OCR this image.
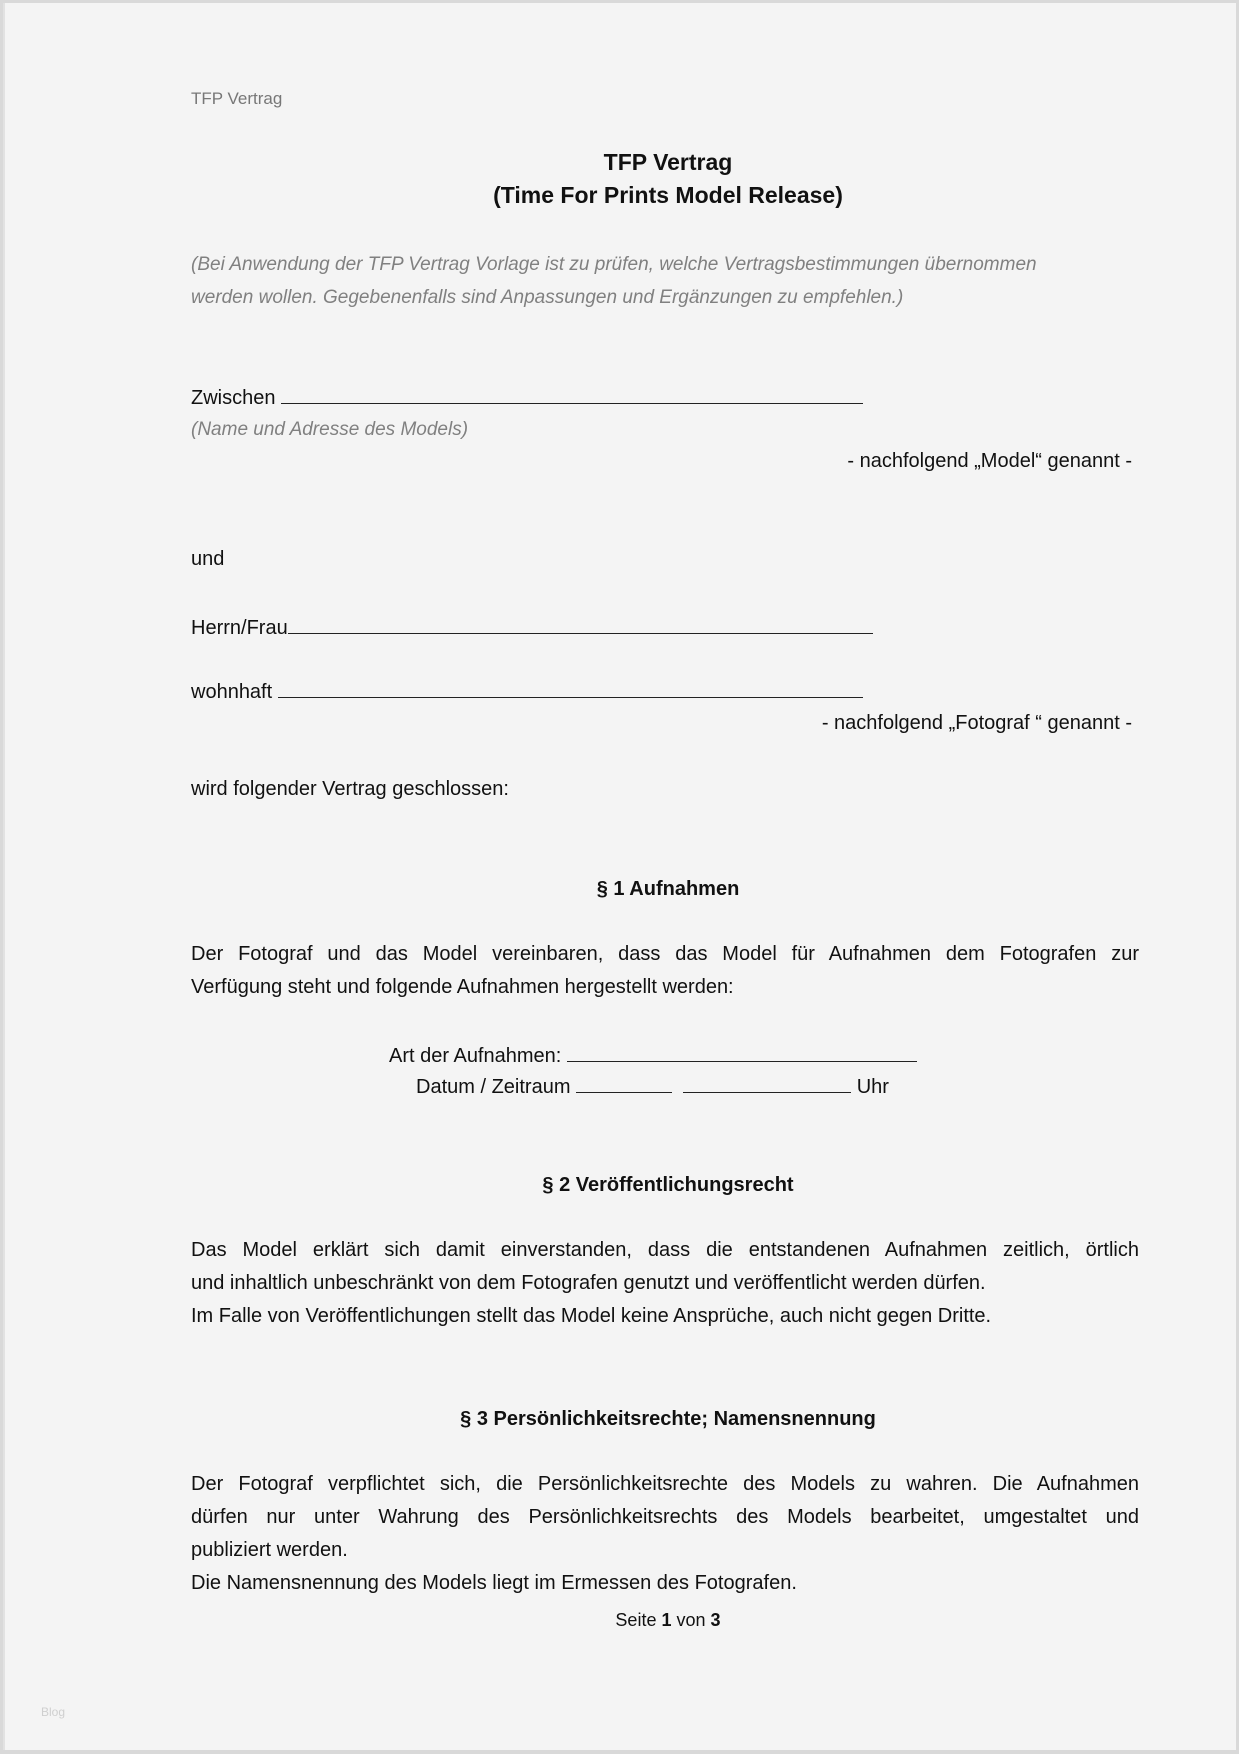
TFP Vertrag
TFP Vertrag
(Time For Prints Model Release)
(Bei Anwendung der TFP Vertrag Vorlage ist zu prüfen, welche Vertragsbestimmungen übernommen
werden wollen. Gegebenenfalls sind Anpassungen und Ergänzungen zu empfehlen.)
Zwischen
(Name und Adresse des Models)
- nachfolgend „Model“ genannt -
und
Herrn/Frau
wohnhaft
- nachfolgend „Fotograf “ genannt -
wird folgender Vertrag geschlossen:
§ 1 Aufnahmen

Der Fotograf und das Model vereinbaren, dass das Model für Aufnahmen dem Fotografen zur

Verfügung steht und folgende Aufnahmen hergestellt werden:

Art der Aufnahmen:
Datum / Zeitraum	Uhr
§ 2 Veröffentlichungsrecht

Das Model erklärt sich damit einverstanden, dass die entstandenen Aufnahmen zeitlich, örtlich

und inhaltlich unbeschränkt von dem Fotografen genutzt und veröffentlicht werden dürfen.

Im Falle von Veröffentlichungen stellt das Model keine Ansprüche, auch nicht gegen Dritte.

§ 3 Persönlichkeitsrechte; Namensnennung

Der Fotograf verpflichtet sich, die Persönlichkeitsrechte des Models zu wahren. Die Aufnahmen

dürfen nur unter Wahrung des Persönlichkeitsrechts des Models bearbeitet, umgestaltet und

publiziert werden.

Die Namensnennung des Models liegt im Ermessen des Fotografen.

Seite 1 von 3
Blog
